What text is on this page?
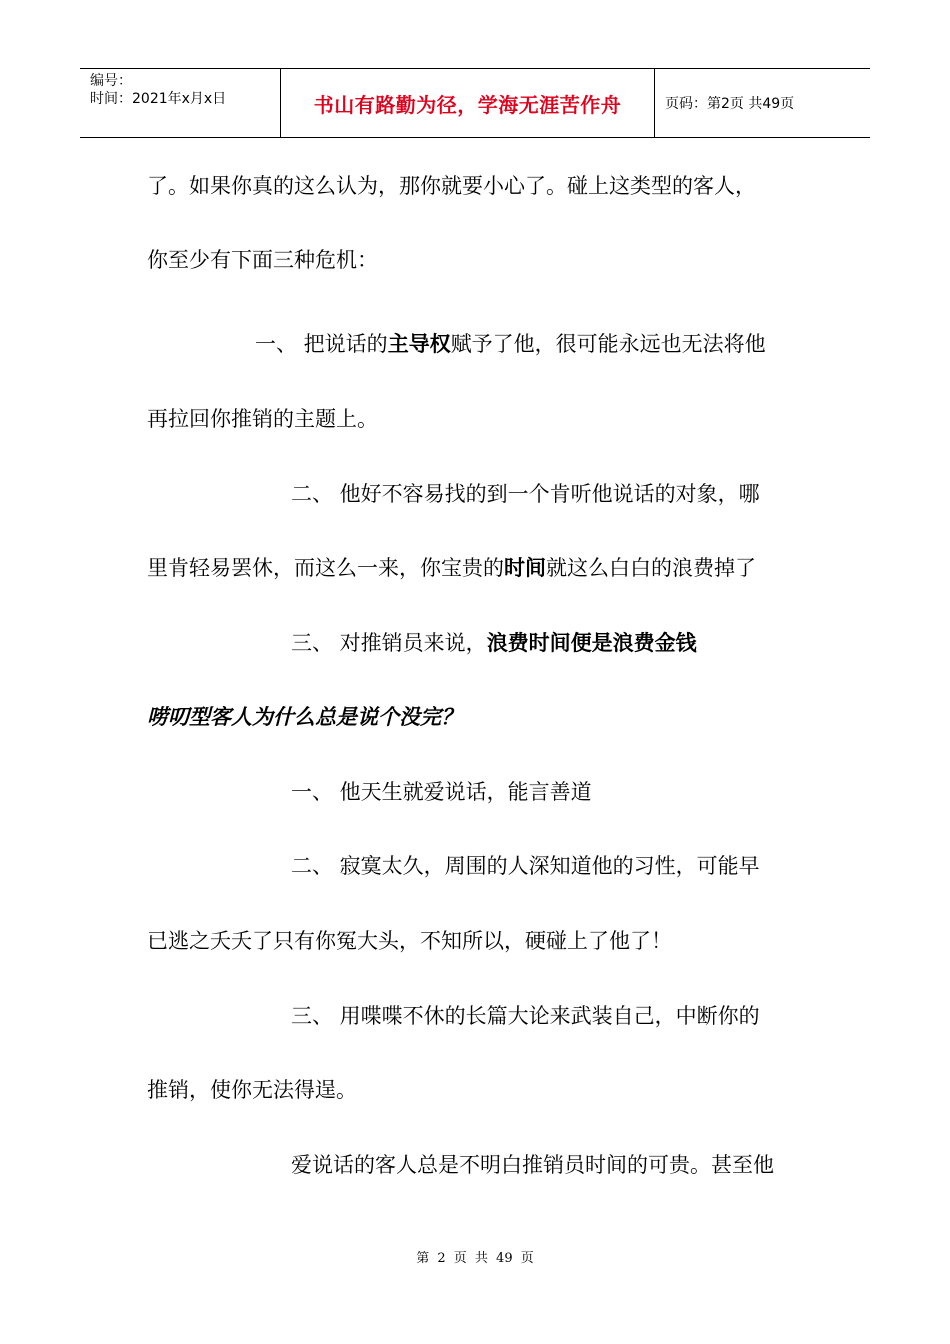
编号：
时间：2021年x月x日	书山有路勤为径，学海无涯苦作舟	页码：第2页 共49页
了。如果你真的这么认为，那你就要小心了。碰上这类型的客人，
你至少有下面三种危机：
一、 把说话的主导权赋予了他，很可能永远也无法将他
再拉回你推销的主题上。
二、 他好不容易找的到一个肯听他说话的对象，哪
里肯轻易罢休，而这么一来，你宝贵的时间就这么白白的浪费掉了
三、 对推销员来说，浪费时间便是浪费金钱
唠叨型客人为什么总是说个没完？
一、 他天生就爱说话，能言善道
二、 寂寞太久，周围的人深知道他的习性，可能早
已逃之夭夭了只有你冤大头，不知所以，硬碰上了他了！
三、 用喋喋不休的长篇大论来武装自己，中断你的
推销，使你无法得逞。
爱说话的客人总是不明白推销员时间的可贵。甚至他
第 2 页 共 49 页
